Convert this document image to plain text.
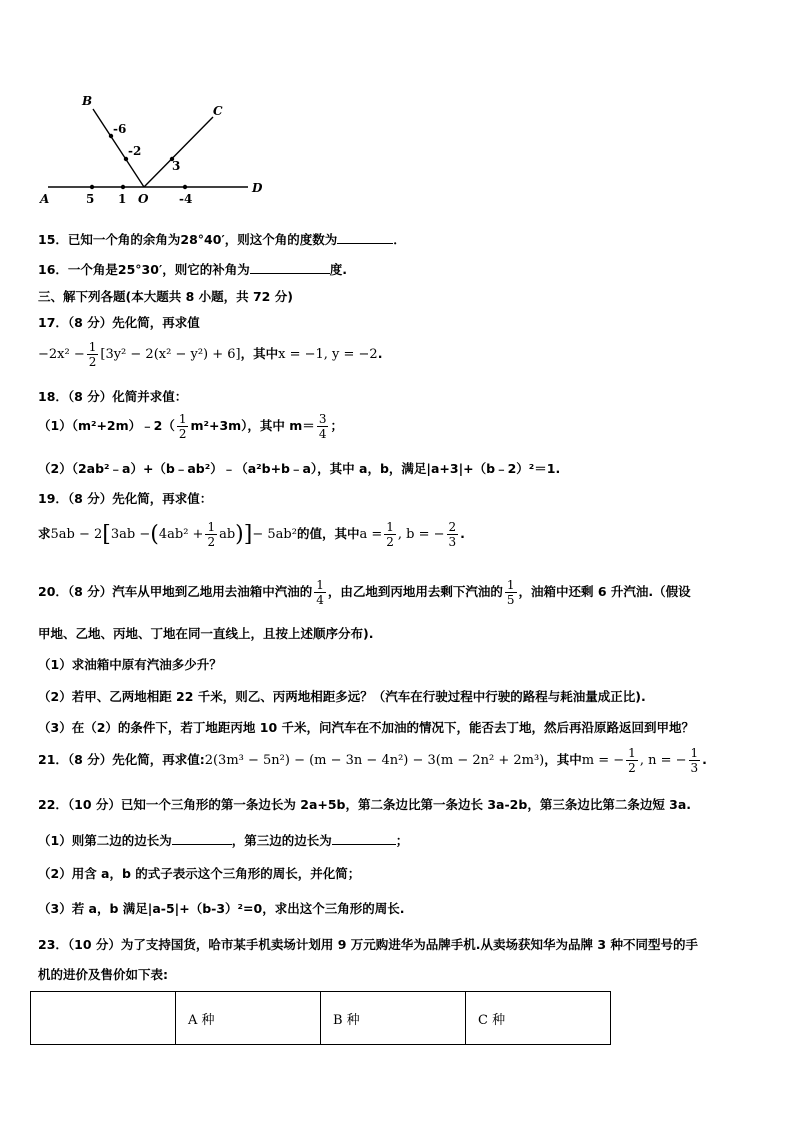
A
B
C
D
O
5 1	-4
-6
-2
3
15．已知一个角的余角为28°40′，则这个角的度数为	．
16．一个角是25°30′，则它的补角为	度.
三、解下列各题(本大题共 8 小题，共 72 分)
17．（8 分）先化简，再求值
$-2x^2 - \frac{1}{2} [3y^2 - 2(x^2 - y^2) + 6]$，其中x = −1, y = −2.
18．（8 分）化简并求值：
（1）（m²+2m）﹣2（ $\frac{1}{2} m^2+3m$），其中 $m= \frac{3}{4}$ ；
（2）（2ab²﹣a）+（b﹣ab²）﹣（a²b+b﹣a），其中 a，b，满足|a+3|+（b﹣2）²＝1.
19．（8 分）先化简，再求值：
求$5ab - 2[3ab -(4ab^2 + \frac{1}{2} ab)]- 5ab^2$的值，其中$a = \frac{1}{2}$ , b = − $\frac{2}{3}$ .
20．（8 分）汽车从甲地到乙地用去油箱中汽油的 $\frac{1}{4}$ ，由乙地到丙地用去剩下汽油的 $\frac{1}{5}$ ，油箱中还剩 6 升汽油.（假设
甲地、乙地、丙地、丁地在同一直线上，且按上述顺序分布).
（1）求油箱中原有汽油多少升？
（2）若甲、乙两地相距 22 千米，则乙、丙两地相距多远？（汽车在行驶过程中行驶的路程与耗油量成正比).
（3）在（2）的条件下，若丁地距丙地 10 千米，问汽车在不加油的情况下，能否去丁地，然后再沿原路返回到甲地？
21．（8 分）先化简，再求值:2(3m³ − 5n²) − (m − 3n − 4n²) − 3(m − 2n² + 2m³)，其中m = − $\frac{1}{2}$ , n = − $\frac{1}{3}$ .
22．（10 分）已知一个三角形的第一条边长为 2a+5b，第二条边比第一条边长 3a-2b，第三条边比第二条边短 3a.
（1）则第二边的边长为	，第三边的边长为	；
（2）用含 a，b 的式子表示这个三角形的周长，并化简；
（3）若 a，b 满足|a-5|+（b-3）²=0，求出这个三角形的周长.
23．（10 分）为了支持国货，哈市某手机卖场计划用 9 万元购进华为品牌手机.从卖场获知华为品牌 3 种不同型号的手
机的进价及售价如下表:
	A 种	B 种	C 种
